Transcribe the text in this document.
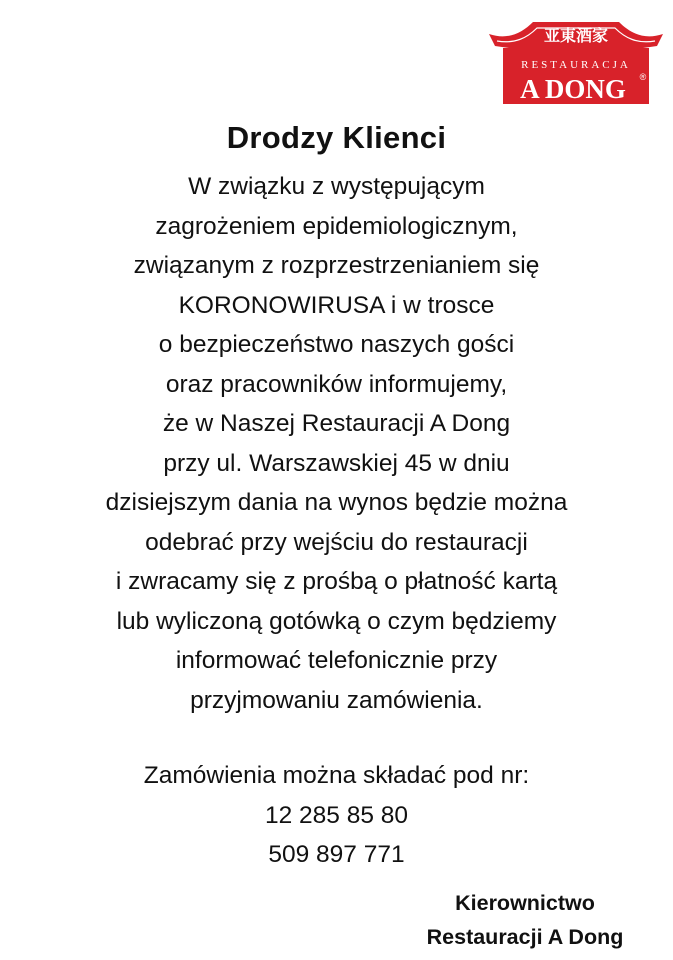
亚東酒家
RESTAURACJA
A DONG ®
Drodzy Klienci
W związku z występującym
zagrożeniem epidemiologicznym,
związanym z rozprzestrzenianiem się
KORONOWIRUSA i w trosce
o bezpieczeństwo naszych gości
oraz pracowników informujemy,
że w Naszej Restauracji A Dong
przy ul. Warszawskiej 45 w dniu
dzisiejszym dania na wynos będzie można
odebrać przy wejściu do restauracji
i zwracamy się z prośbą o płatność kartą
lub wyliczoną gotówką o czym będziemy
informować telefonicznie przy
przyjmowaniu zamówienia.
Zamówienia można składać pod nr:
12 285 85 80
509 897 771
Kierownictwo
Restauracji A Dong
